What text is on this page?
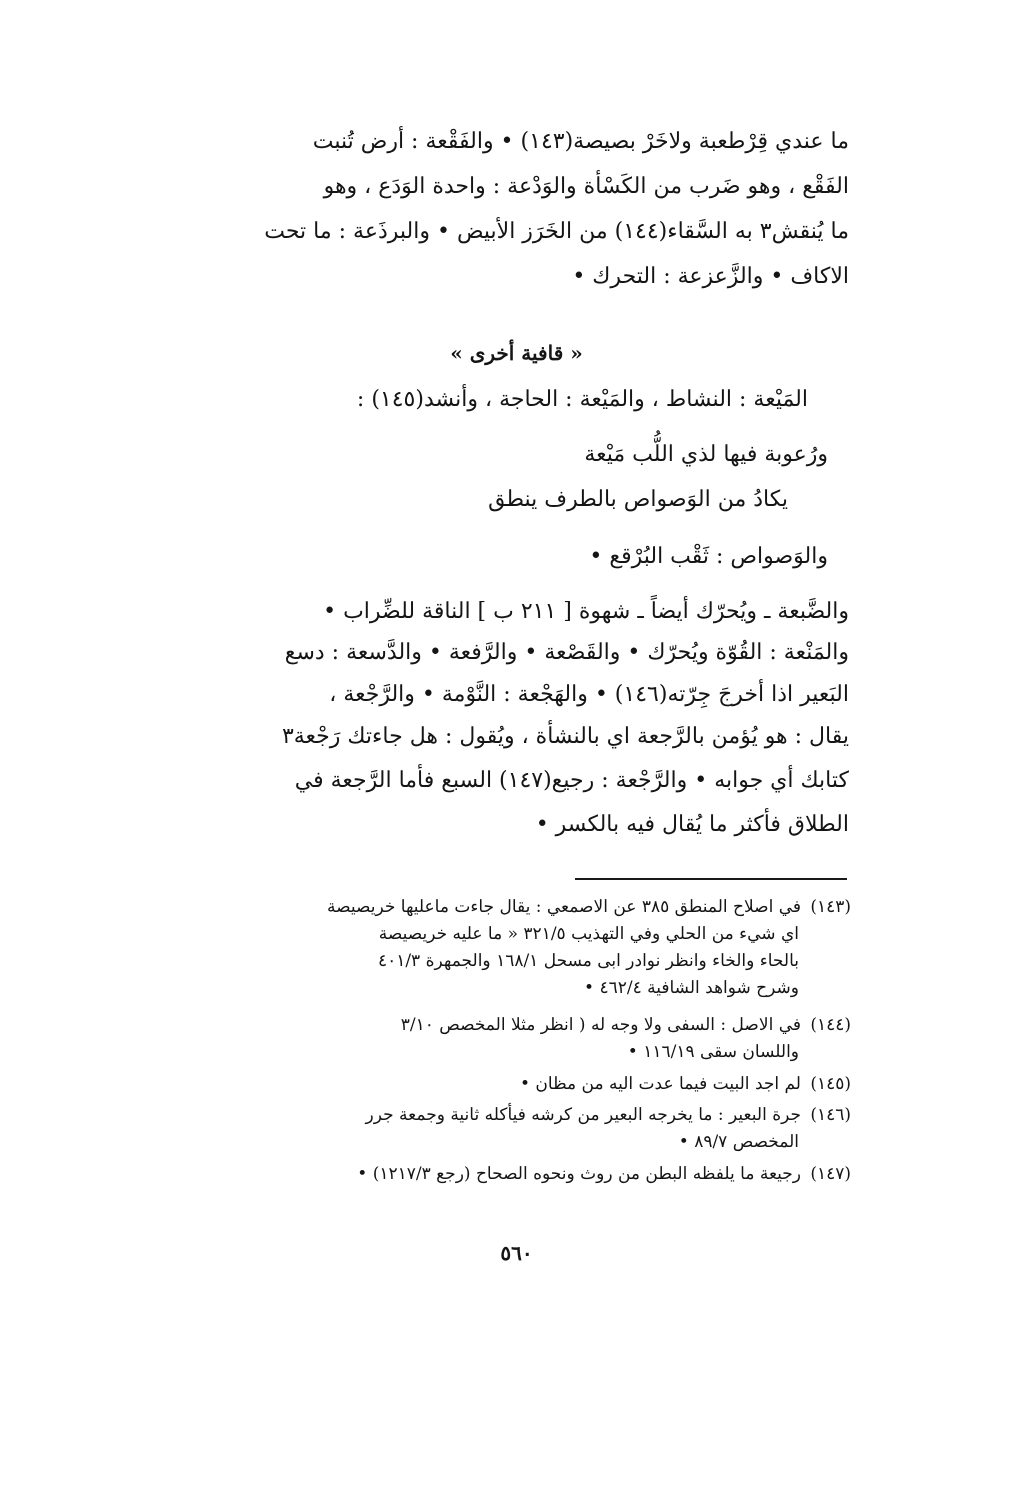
ما عندي قِرْطعبة ولاخَرْ بصيصة(١٤٣) • والفَقْعة : أرض تُنبت
الفَقْع ، وهو ضَرب من الكَسْأة والوَدْعة : واحدة الوَدَع ، وهو
ما يُنقش٣ به السَّقاء(١٤٤) من الخَرَز الأبيض • والبرذَعة : ما تحت
الاكاف • والزَّعزعة : التحرك •
« قافية أخرى »
المَيْعة : النشاط ، والمَيْعة : الحاجة ، وأنشد(١٤٥) :
ورُعوبة فيها لذي اللُّب مَيْعة
يكادُ من الوَصواص بالطرف ينطق
والوَصواص : ثَقْب البُرْقع •
والضَّبعة ـ ويُحرّك أيضاً ـ شهوة [ ٢١١ ب ] الناقة للضِّراب •
والمَنْعة : القُوّة ويُحرّك • والقَصْعة • والرَّفعة • والدَّسعة : دسع
البَعير اذا أخرجَ جِرّته(١٤٦) • والهَجْعة : النَّوْمة • والرَّجْعة ،
يقال : هو يُؤمن بالرَّجعة اي بالنشأة ، ويُقول : هل جاءتك رَجْعة٣
كتابك أي جوابه • والرَّجْعة : رجيع(١٤٧) السبع فأما الرَّجعة في
الطلاق فأكثر ما يُقال فيه بالكسر •
(١٤٣)في اصلاح المنطق ٣٨٥ عن الاصمعي : يقال جاءت ماعليها خريصيصة
اي شيء من الحلي وفي التهذيب ٣٢١/٥ « ما عليه خريصيصة
بالحاء والخاء وانظر نوادر ابى مسحل ١٦٨/١ والجمهرة ٤٠١/٣
وشرح شواهد الشافية ٤٦٢/٤ •
(١٤٤)في الاصل : السفى ولا وجه له ( انظر مثلا المخصص ٣/١٠
واللسان سقى ١١٦/١٩ •
(١٤٥)لم اجد البيت فيما عدت اليه من مظان •
(١٤٦)جرة البعير : ما يخرجه البعير من كرشه فيأكله ثانية وجمعة جرر
المخصص ٨٩/٧ •
(١٤٧)رجيعة ما يلفظه البطن من روث ونحوه الصحاح (رجع ١٢١٧/٣) •
٥٦٠
